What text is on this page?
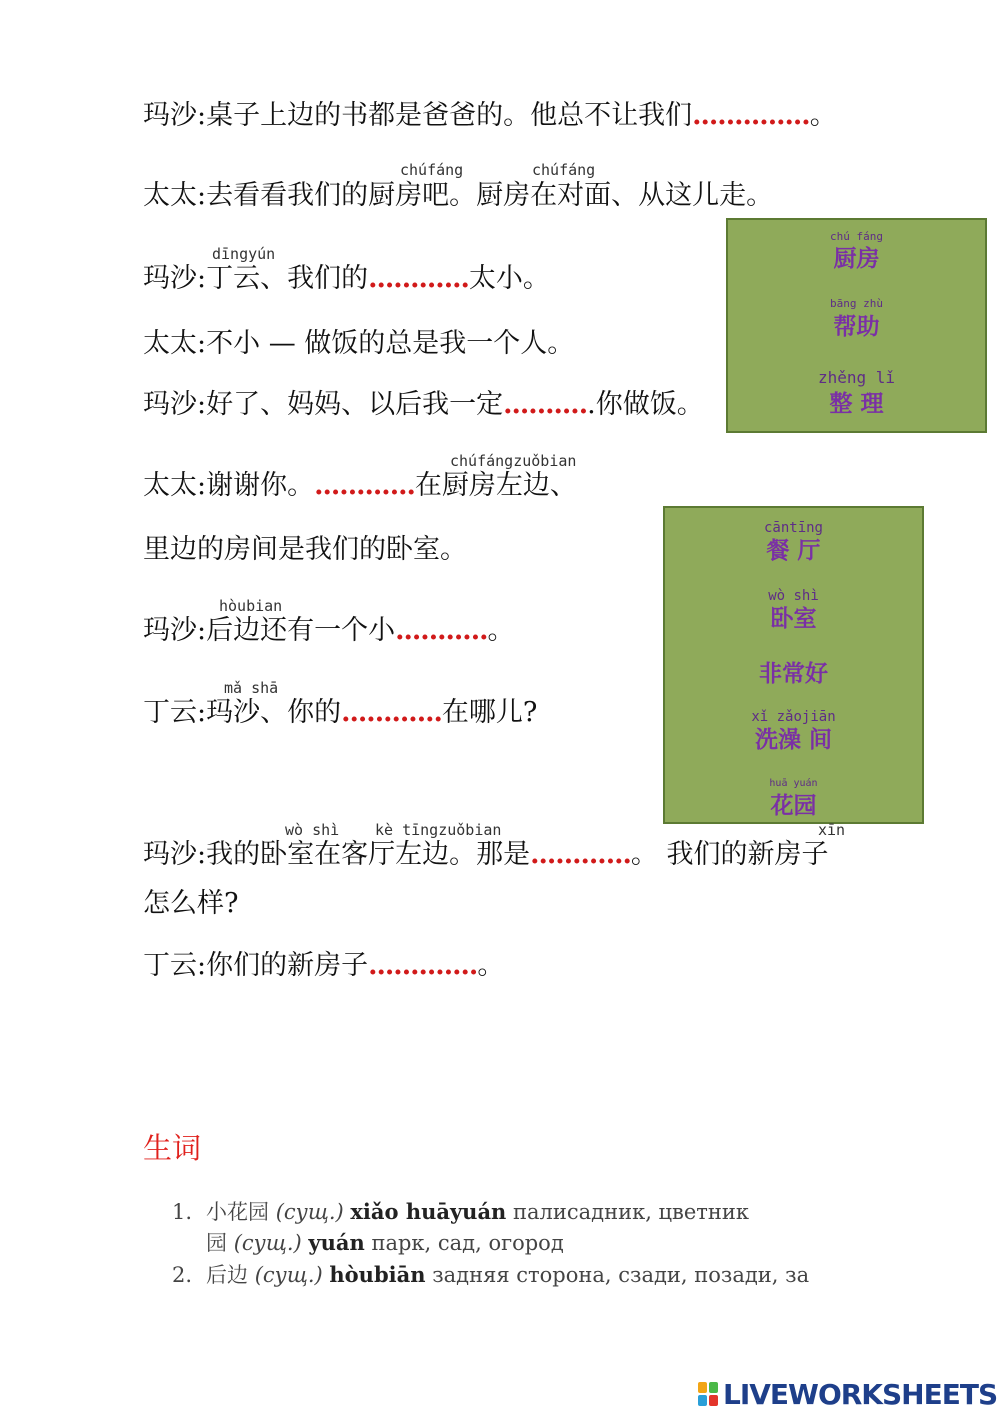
玛沙:桌子上边的书都是爸爸的。他总不让我们..............。
chúfáng	chúfáng
太太:去看看我们的厨房吧。厨房在对面、从这儿走。
dīngyún
玛沙:丁云、我们的............太小。
太太:不小 — 做饭的总是我一个人。
玛沙:好了、妈妈、以后我一定...........你做饭。
chú fáng
厨房
bāng zhù
帮助
zhěng lǐ
整 理
chúfángzuǒbian
太太:谢谢你。............在厨房左边、
里边的房间是我们的卧室。
cāntīng
餐 厅
wò shì
卧室
非常好
xǐ zǎojiān
洗澡 间
huā yuán
花园
hòubian
玛沙:后边还有一个小...........。
mǎ shā
丁云:玛沙、你的............在哪儿?
wò shì kè tīngzuǒbian	xīn
玛沙:我的卧室在客厅左边。那是............。 我们的新房子
怎么样?
丁云:你们的新房子.............。
生词
1. 小花园 (сущ.) xiǎo huāyuán палисадник, цветник
园 (сущ.) yuán парк, сад, огород
2. 后边 (сущ.) hòubiān задняя сторона, сзади, позади, за
LIVEWORKSHEETS
